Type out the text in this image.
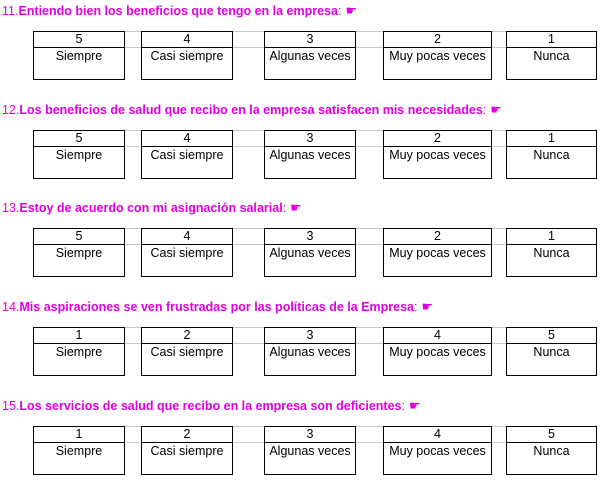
11.Entiendo bien los beneficios que tengo en la empresa: ☛
5
Siempre
4
Casi siempre
3
Algunas veces
2
Muy pocas veces
1
Nunca
12.Los beneficios de salud que recibo en la empresa satisfacen mis necesidades: ☛
5
Siempre
4
Casi siempre
3
Algunas veces
2
Muy pocas veces
1
Nunca
13.Estoy de acuerdo con mi asignación salarial: ☛
5
Siempre
4
Casi siempre
3
Algunas veces
2
Muy pocas veces
1
Nunca
14.Mis aspiraciones se ven frustradas por las políticas de la Empresa: ☛
1
Siempre
2
Casi siempre
3
Algunas veces
4
Muy pocas veces
5
Nunca
15.Los servicios de salud que recibo en la empresa son deficientes: ☛
1
Siempre
2
Casi siempre
3
Algunas veces
4
Muy pocas veces
5
Nunca
